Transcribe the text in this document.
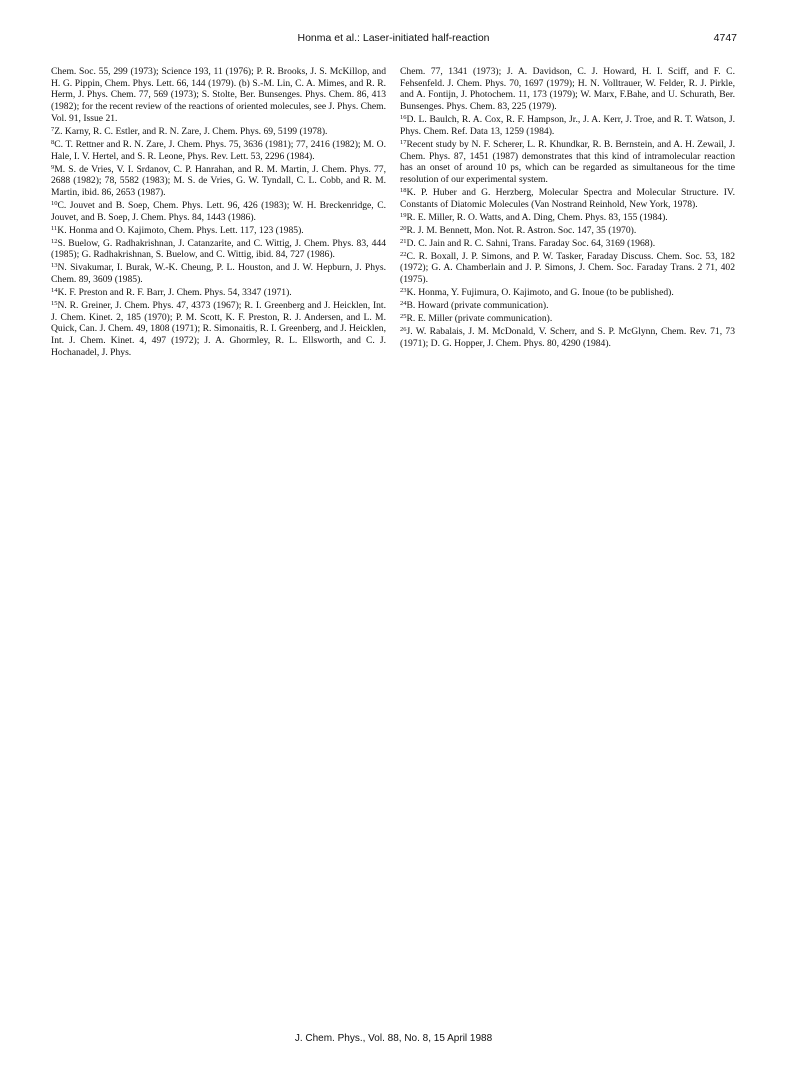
Honma et al.: Laser-initiated half-reaction	4747
Chem. Soc. 55, 299 (1973); Science 193, 11 (1976); P. R. Brooks, J. S. McKillop, and H. G. Pippin, Chem. Phys. Lett. 66, 144 (1979). (b) S.-M. Lin, C. A. Mimes, and R. R. Herm, J. Phys. Chem. 77, 569 (1973); S. Stolte, Ber. Bunsenges. Phys. Chem. 86, 413 (1982); for the recent review of the reactions of oriented molecules, see J. Phys. Chem. Vol. 91, Issue 21.
$^7$Z. Karny, R. C. Estler, and R. N. Zare, J. Chem. Phys. 69, 5199 (1978).
$^8$C. T. Rettner and R. N. Zare, J. Chem. Phys. 75, 3636 (1981); 77, 2416 (1982); M. O. Hale, I. V. Hertel, and S. R. Leone, Phys. Rev. Lett. 53, 2296 (1984).
$^9$M. S. de Vries, V. I. Srdanov, C. P. Hanrahan, and R. M. Martin, J. Chem. Phys. 77, 2688 (1982); 78, 5582 (1983); M. S. de Vries, G. W. Tyndall, C. L. Cobb, and R. M. Martin, ibid. 86, 2653 (1987).
$^{10}$C. Jouvet and B. Soep, Chem. Phys. Lett. 96, 426 (1983); W. H. Breckenridge, C. Jouvet, and B. Soep, J. Chem. Phys. 84, 1443 (1986).
$^{11}$K. Honma and O. Kajimoto, Chem. Phys. Lett. 117, 123 (1985).
$^{12}$S. Buelow, G. Radhakrishnan, J. Catanzarite, and C. Wittig, J. Chem. Phys. 83, 444 (1985); G. Radhakrishnan, S. Buelow, and C. Wittig, ibid. 84, 727 (1986).
$^{13}$N. Sivakumar, I. Burak, W.-K. Cheung, P. L. Houston, and J. W. Hepburn, J. Phys. Chem. 89, 3609 (1985).
$^{14}$K. F. Preston and R. F. Barr, J. Chem. Phys. 54, 3347 (1971).
$^{15}$N. R. Greiner, J. Chem. Phys. 47, 4373 (1967); R. I. Greenberg and J. Heicklen, Int. J. Chem. Kinet. 2, 185 (1970); P. M. Scott, K. F. Preston, R. J. Andersen, and L. M. Quick, Can. J. Chem. 49, 1808 (1971); R. Simonaitis, R. I. Greenberg, and J. Heicklen, Int. J. Chem. Kinet. 4, 497 (1972); J. A. Ghormley, R. L. Ellsworth, and C. J. Hochanadel, J. Phys.
Chem. 77, 1341 (1973); J. A. Davidson, C. J. Howard, H. I. Sciff, and F. C. Fehsenfeld. J. Chem. Phys. 70, 1697 (1979); H. N. Volltrauer, W. Felder, R. J. Pirkle, and A. Fontijn, J. Photochem. 11, 173 (1979); W. Marx, F.Bahe, and U. Schurath, Ber. Bunsenges. Phys. Chem. 83, 225 (1979).
$^{16}$D. L. Baulch, R. A. Cox, R. F. Hampson, Jr., J. A. Kerr, J. Troe, and R. T. Watson, J. Phys. Chem. Ref. Data 13, 1259 (1984).
$^{17}$Recent study by N. F. Scherer, L. R. Khundkar, R. B. Bernstein, and A. H. Zewail, J. Chem. Phys. 87, 1451 (1987) demonstrates that this kind of intramolecular reaction has an onset of around 10 ps, which can be regarded as simultaneous for the time resolution of our experimental system.
$^{18}$K. P. Huber and G. Herzberg, Molecular Spectra and Molecular Structure. IV. Constants of Diatomic Molecules (Van Nostrand Reinhold, New York, 1978).
$^{19}$R. E. Miller, R. O. Watts, and A. Ding, Chem. Phys. 83, 155 (1984).
$^{20}$R. J. M. Bennett, Mon. Not. R. Astron. Soc. 147, 35 (1970).
$^{21}$D. C. Jain and R. C. Sahni, Trans. Faraday Soc. 64, 3169 (1968).
$^{22}$C. R. Boxall, J. P. Simons, and P. W. Tasker, Faraday Discuss. Chem. Soc. 53, 182 (1972); G. A. Chamberlain and J. P. Simons, J. Chem. Soc. Faraday Trans. 2 71, 402 (1975).
$^{23}$K. Honma, Y. Fujimura, O. Kajimoto, and G. Inoue (to be published).
$^{24}$B. Howard (private communication).
$^{25}$R. E. Miller (private communication).
$^{26}$J. W. Rabalais, J. M. McDonald, V. Scherr, and S. P. McGlynn, Chem. Rev. 71, 73 (1971); D. G. Hopper, J. Chem. Phys. 80, 4290 (1984).
J. Chem. Phys., Vol. 88, No. 8, 15 April 1988
